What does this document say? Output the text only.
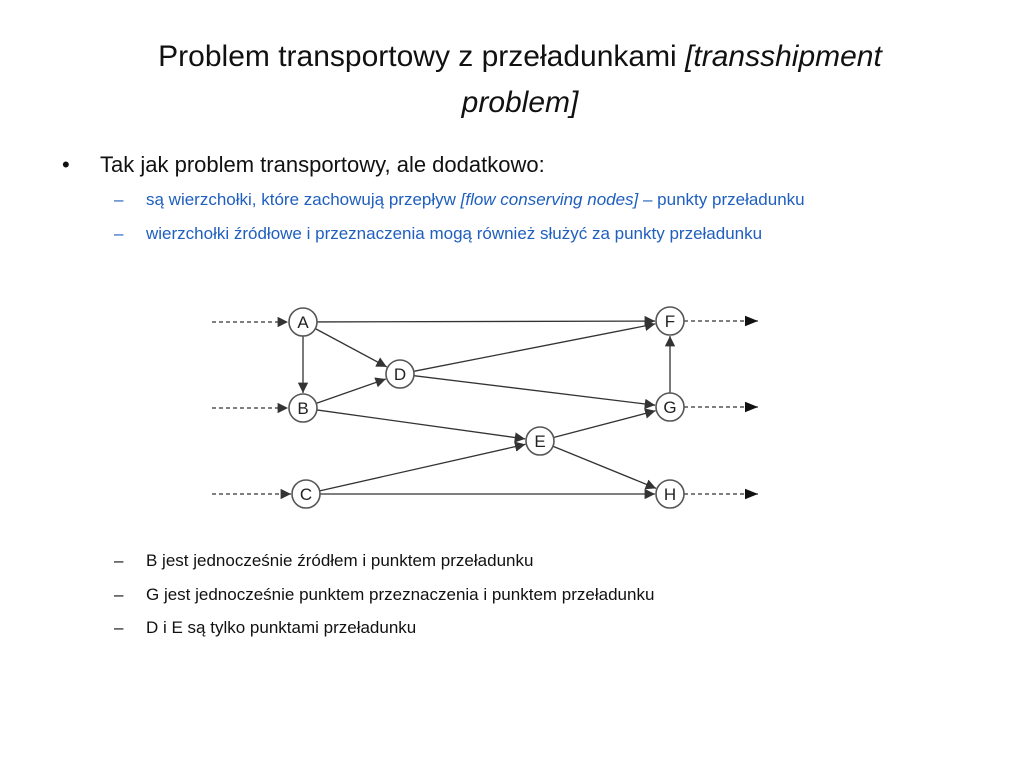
Problem transportowy z przeładunkami [transshipment problem]
• Tak jak problem transportowy, ale dodatkowo:
– są wierzchołki, które zachowują przepływ [flow conserving nodes] – punkty przeładunku
– wierzchołki źródłowe i przeznaczenia mogą również służyć za punkty przeładunku
A
B
C
D
E
F
G
H
– B jest jednocześnie źródłem i punktem przeładunku
– G jest jednocześnie punktem przeznaczenia i punktem przeładunku
– D i E są tylko punktami przeładunku
